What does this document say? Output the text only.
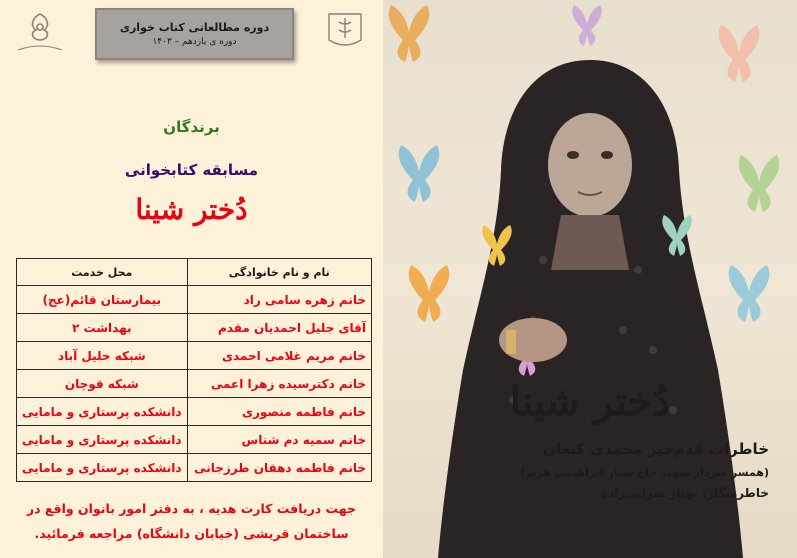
دوره مطالعاتی کتاب خواری
دوره ی یازدهم – ۱۴۰۳
برندگان
مسابقه کتابخوانی
دُختر شینا
نام و نام خانوادگی	محل خدمت
خانم زهره سامی راد	بیمارستان قائم(عج)
آقای جلیل احمدیان مقدم	بهداشت ۲
خانم مریم غلامی احمدی	شبکه خلیل آباد
خانم دکترسیده زهرا اعمی	شبکه قوچان
خانم فاطمه منصوری	دانشکده پرستاری و مامایی
خانم سمیه دم شناس	دانشکده پرستاری و مامایی
خانم فاطمه دهقان طرزجانی	دانشکده پرستاری و مامایی
جهت دریافت کارت هدیه ، به دفتر امور بانوان واقع در
ساختمان قریشی (خیابان دانشگاه) مراجعه فرمائید.
دُختر شینا
خاطرات قدم‌خیر محمدی کنعان
(همسر سردار شهید حاج ستار ابراهیمی هژیر)
خاطره‌نگار: بهناز ضرابی‌زاده
